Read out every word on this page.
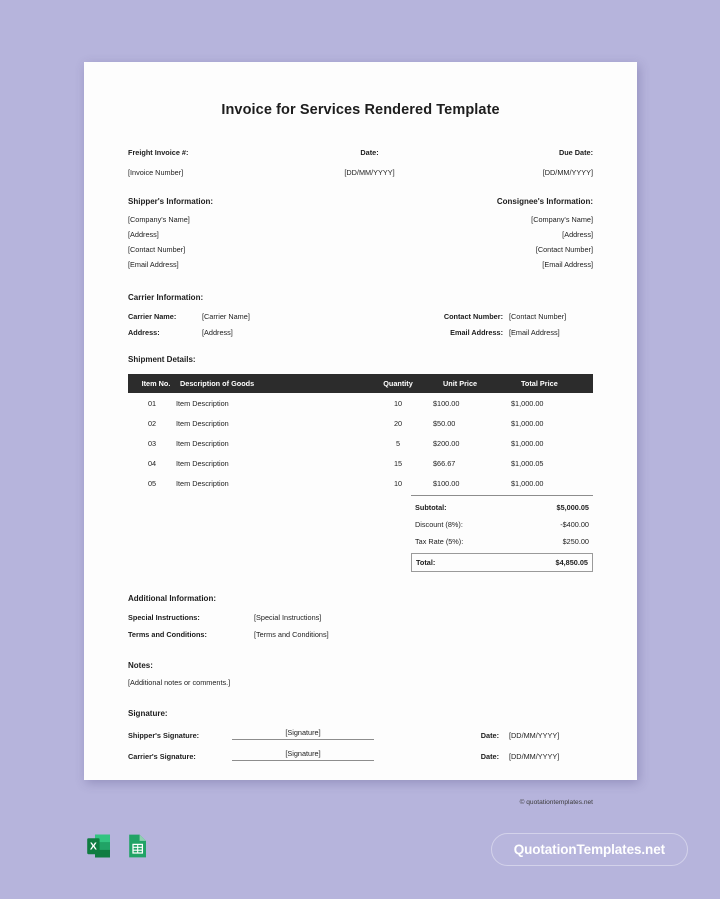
Invoice for Services Rendered Template
Freight Invoice #:	Date:	Due Date:
[Invoice Number]	[DD/MM/YYYY]	[DD/MM/YYYY]
Shipper's Information:
[Company's Name]
[Address]
[Contact Number]
[Email Address]
Consignee's Information:
[Company's Name]
[Address]
[Contact Number]
[Email Address]
Carrier Information:
Carrier Name:	[Carrier Name]	Contact Number: [Contact Number]
Address:	[Address]	Email Address: [Email Address]
Shipment Details:
Item No.	Description of Goods	Quantity	Unit Price	Total Price
01	Item Description	10	$100.00	$1,000.00
02	Item Description	20	$50.00	$1,000.00
03	Item Description	5	$200.00	$1,000.00
04	Item Description	15	$66.67	$1,000.05
05	Item Description	10	$100.00	$1,000.00
Subtotal:	$5,000.05
Discount (8%):	-$400.00
Tax Rate (5%):	$250.00
Total:	$4,850.05
Additional Information:
Special Instructions:	[Special Instructions]
Terms and Conditions:	[Terms and Conditions]
Notes:
[Additional notes or comments.]
Signature:
Shipper's Signature:	[Signature]	Date:	[DD/MM/YYYY]
Carrier's Signature:	[Signature]	Date:	[DD/MM/YYYY]
© quotationtemplates.net
X	QuotationTemplates.net
